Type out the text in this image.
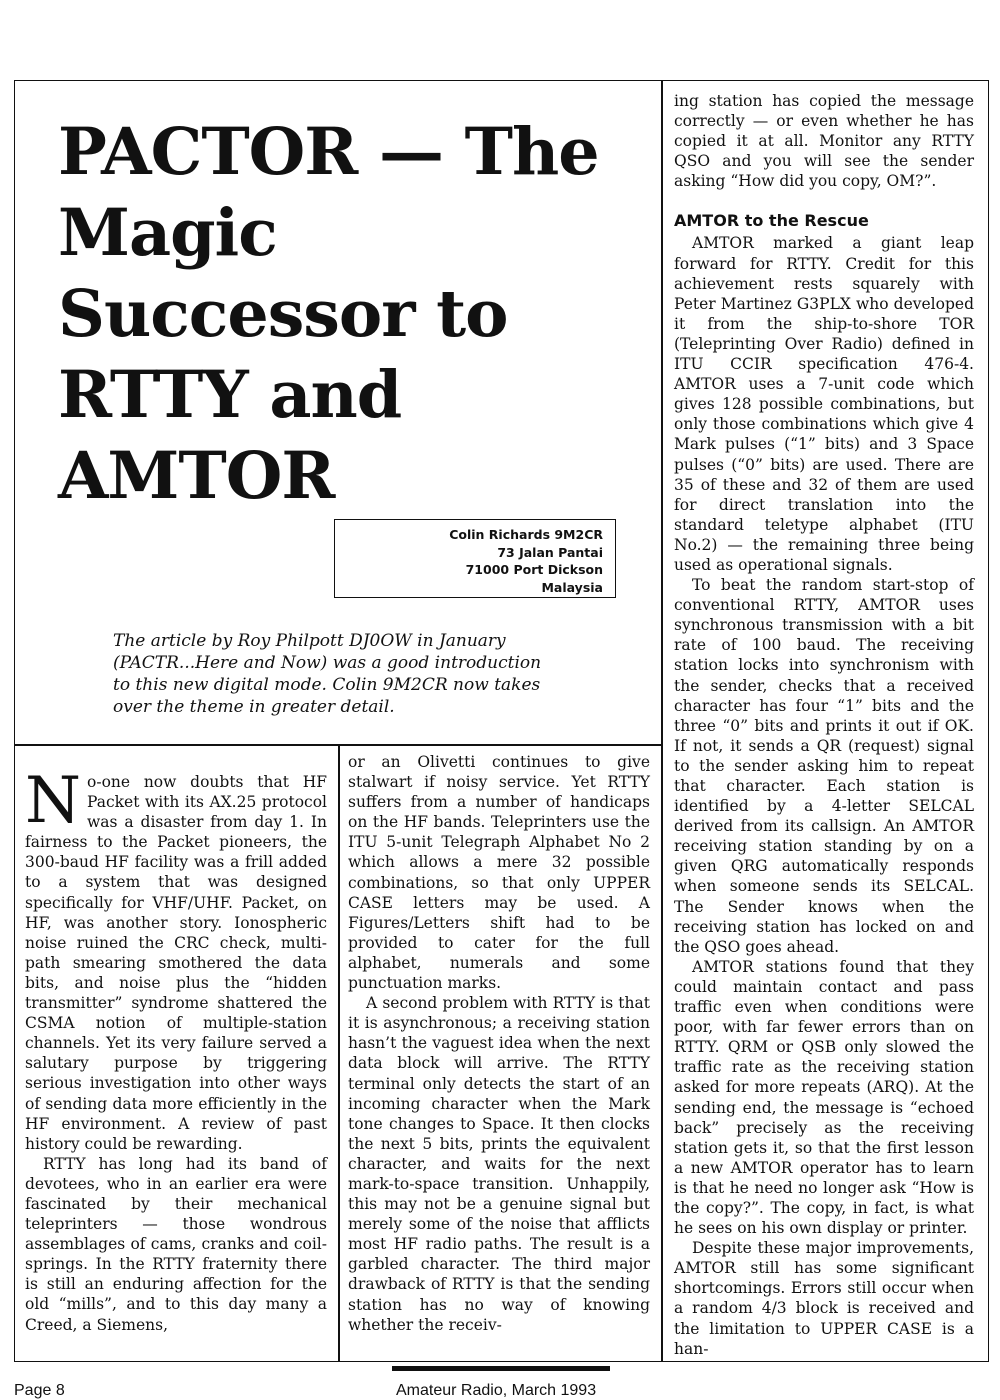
PACTOR — The
Magic
Successor to
RTTY and
AMTOR
Colin Richards 9M2CR
73 Jalan Pantai
71000 Port Dickson
Malaysia

The article by Roy Philpott DJ0OW in January
(PACTR...Here and Now) was a good introduction
to this new digital mode. Colin 9M2CR now takes
over the theme in greater detail.

No-one now doubts that HF Packet with its AX.25 protocol was a disaster from day 1. In fairness to the Packet pioneers, the 300-baud HF facility was a frill added to a system that was designed specifically for VHF/UHF. Packet, on HF, was another story. Ionospheric noise ruined the CRC check, multi-path smearing smothered the data bits, and noise plus the “hidden transmitter” syndrome shattered the CSMA notion of multiple-station channels. Yet its very failure served a salutary purpose by triggering serious investigation into other ways of sending data more efficiently in the HF environment. A review of past history could be rewarding.

RTTY has long had its band of devotees, who in an earlier era were fascinated by their mechanical teleprinters — those wondrous assemblages of cams, cranks and coil-springs. In the RTTY fraternity there is still an enduring affection for the old “mills”, and to this day many a Creed, a Siemens,

or an Olivetti continues to give stalwart if noisy service. Yet RTTY suffers from a number of handicaps on the HF bands. Teleprinters use the ITU 5-unit Telegraph Alphabet No 2 which allows a mere 32 possible combinations, so that only UPPER CASE letters may be used. A Figures/Letters shift had to be provided to cater for the full alphabet, numerals and some punctuation marks.

A second problem with RTTY is that it is asynchronous; a receiving station hasn’t the vaguest idea when the next data block will arrive. The RTTY terminal only detects the start of an incoming character when the Mark tone changes to Space. It then clocks the next 5 bits, prints the equivalent character, and waits for the next mark-to-space transition. Unhappily, this may not be a genuine signal but merely some of the noise that afflicts most HF radio paths. The result is a garbled character. The third major drawback of RTTY is that the sending station has no way of knowing whether the receiv-

ing station has copied the message correctly — or even whether he has copied it at all. Monitor any RTTY QSO and you will see the sender asking “How did you copy, OM?”.

AMTOR to the Rescue

AMTOR marked a giant leap forward for RTTY. Credit for this achievement rests squarely with Peter Martinez G3PLX who developed it from the ship-to-shore TOR (Teleprinting Over Radio) defined in ITU CCIR specification 476-4. AMTOR uses a 7-unit code which gives 128 possible combinations, but only those combinations which give 4 Mark pulses (“1” bits) and 3 Space pulses (“0” bits) are used. There are 35 of these and 32 of them are used for direct translation into the standard teletype alphabet (ITU No.2) — the remaining three being used as operational signals.

To beat the random start-stop of conventional RTTY, AMTOR uses synchronous transmission with a bit rate of 100 baud. The receiving station locks into synchronism with the sender, checks that a received character has four “1” bits and the three “0” bits and prints it out if OK. If not, it sends a QR (request) signal to the sender asking him to repeat that character. Each station is identified by a 4-letter SELCAL derived from its callsign. An AMTOR receiving station standing by on a given QRG automatically responds when someone sends its SELCAL. The Sender knows when the receiving station has locked on and the QSO goes ahead.

AMTOR stations found that they could maintain contact and pass traffic even when conditions were poor, with far fewer errors than on RTTY. QRM or QSB only slowed the traffic rate as the receiving station asked for more repeats (ARQ). At the sending end, the message is “echoed back” precisely as the receiving station gets it, so that the first lesson a new AMTOR operator has to learn is that he need no longer ask “How is the copy?”. The copy, in fact, is what he sees on his own display or printer.

Despite these major improvements, AMTOR still has some significant shortcomings. Errors still occur when a random 4/3 block is received and the limitation to UPPER CASE is a han-

Page 8	Amateur Radio, March 1993
